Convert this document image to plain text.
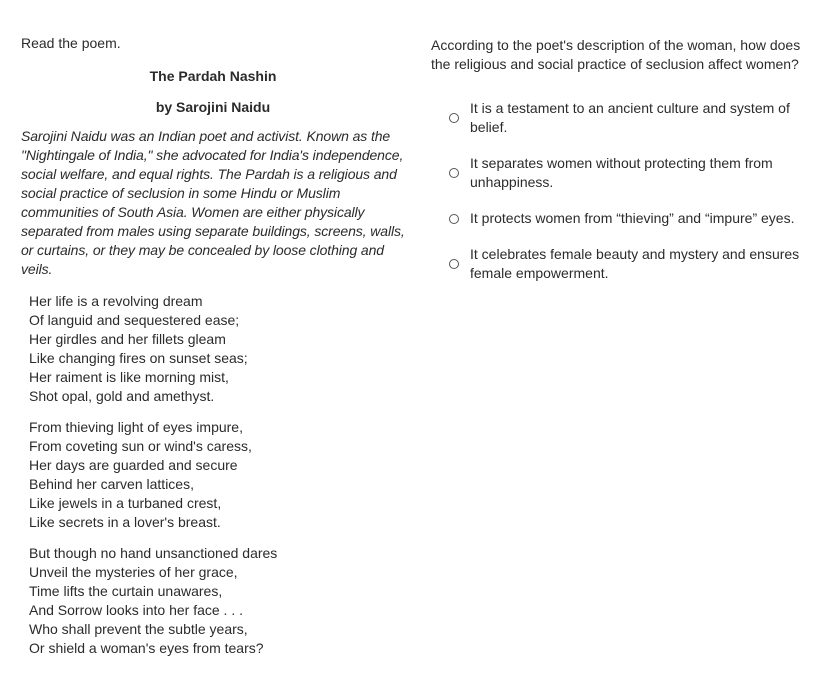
Read the poem.

The Pardah Nashin

by Sarojini Naidu

Sarojini Naidu was an Indian poet and activist. Known as the "Nightingale of India," she advocated for India's independence, social welfare, and equal rights. The Pardah is a religious and social practice of seclusion in some Hindu or Muslim communities of South Asia. Women are either physically separated from males using separate buildings, screens, walls, or curtains, or they may be concealed by loose clothing and veils.

Her life is a revolving dream
Of languid and sequestered ease;
Her girdles and her fillets gleam
Like changing fires on sunset seas;
Her raiment is like morning mist,
Shot opal, gold and amethyst.
From thieving light of eyes impure,
From coveting sun or wind's caress,
Her days are guarded and secure
Behind her carven lattices,
Like jewels in a turbaned crest,
Like secrets in a lover's breast.
But though no hand unsanctioned dares
Unveil the mysteries of her grace,
Time lifts the curtain unawares,
And Sorrow looks into her face . . .
Who shall prevent the subtle years,
Or shield a woman's eyes from tears?

According to the poet's description of the woman, how does the religious and social practice of seclusion affect women?

It is a testament to an ancient culture and system of belief.
It separates women without protecting them from unhappiness.
It protects women from “thieving” and “impure” eyes.
It celebrates female beauty and mystery and ensures female empowerment.
